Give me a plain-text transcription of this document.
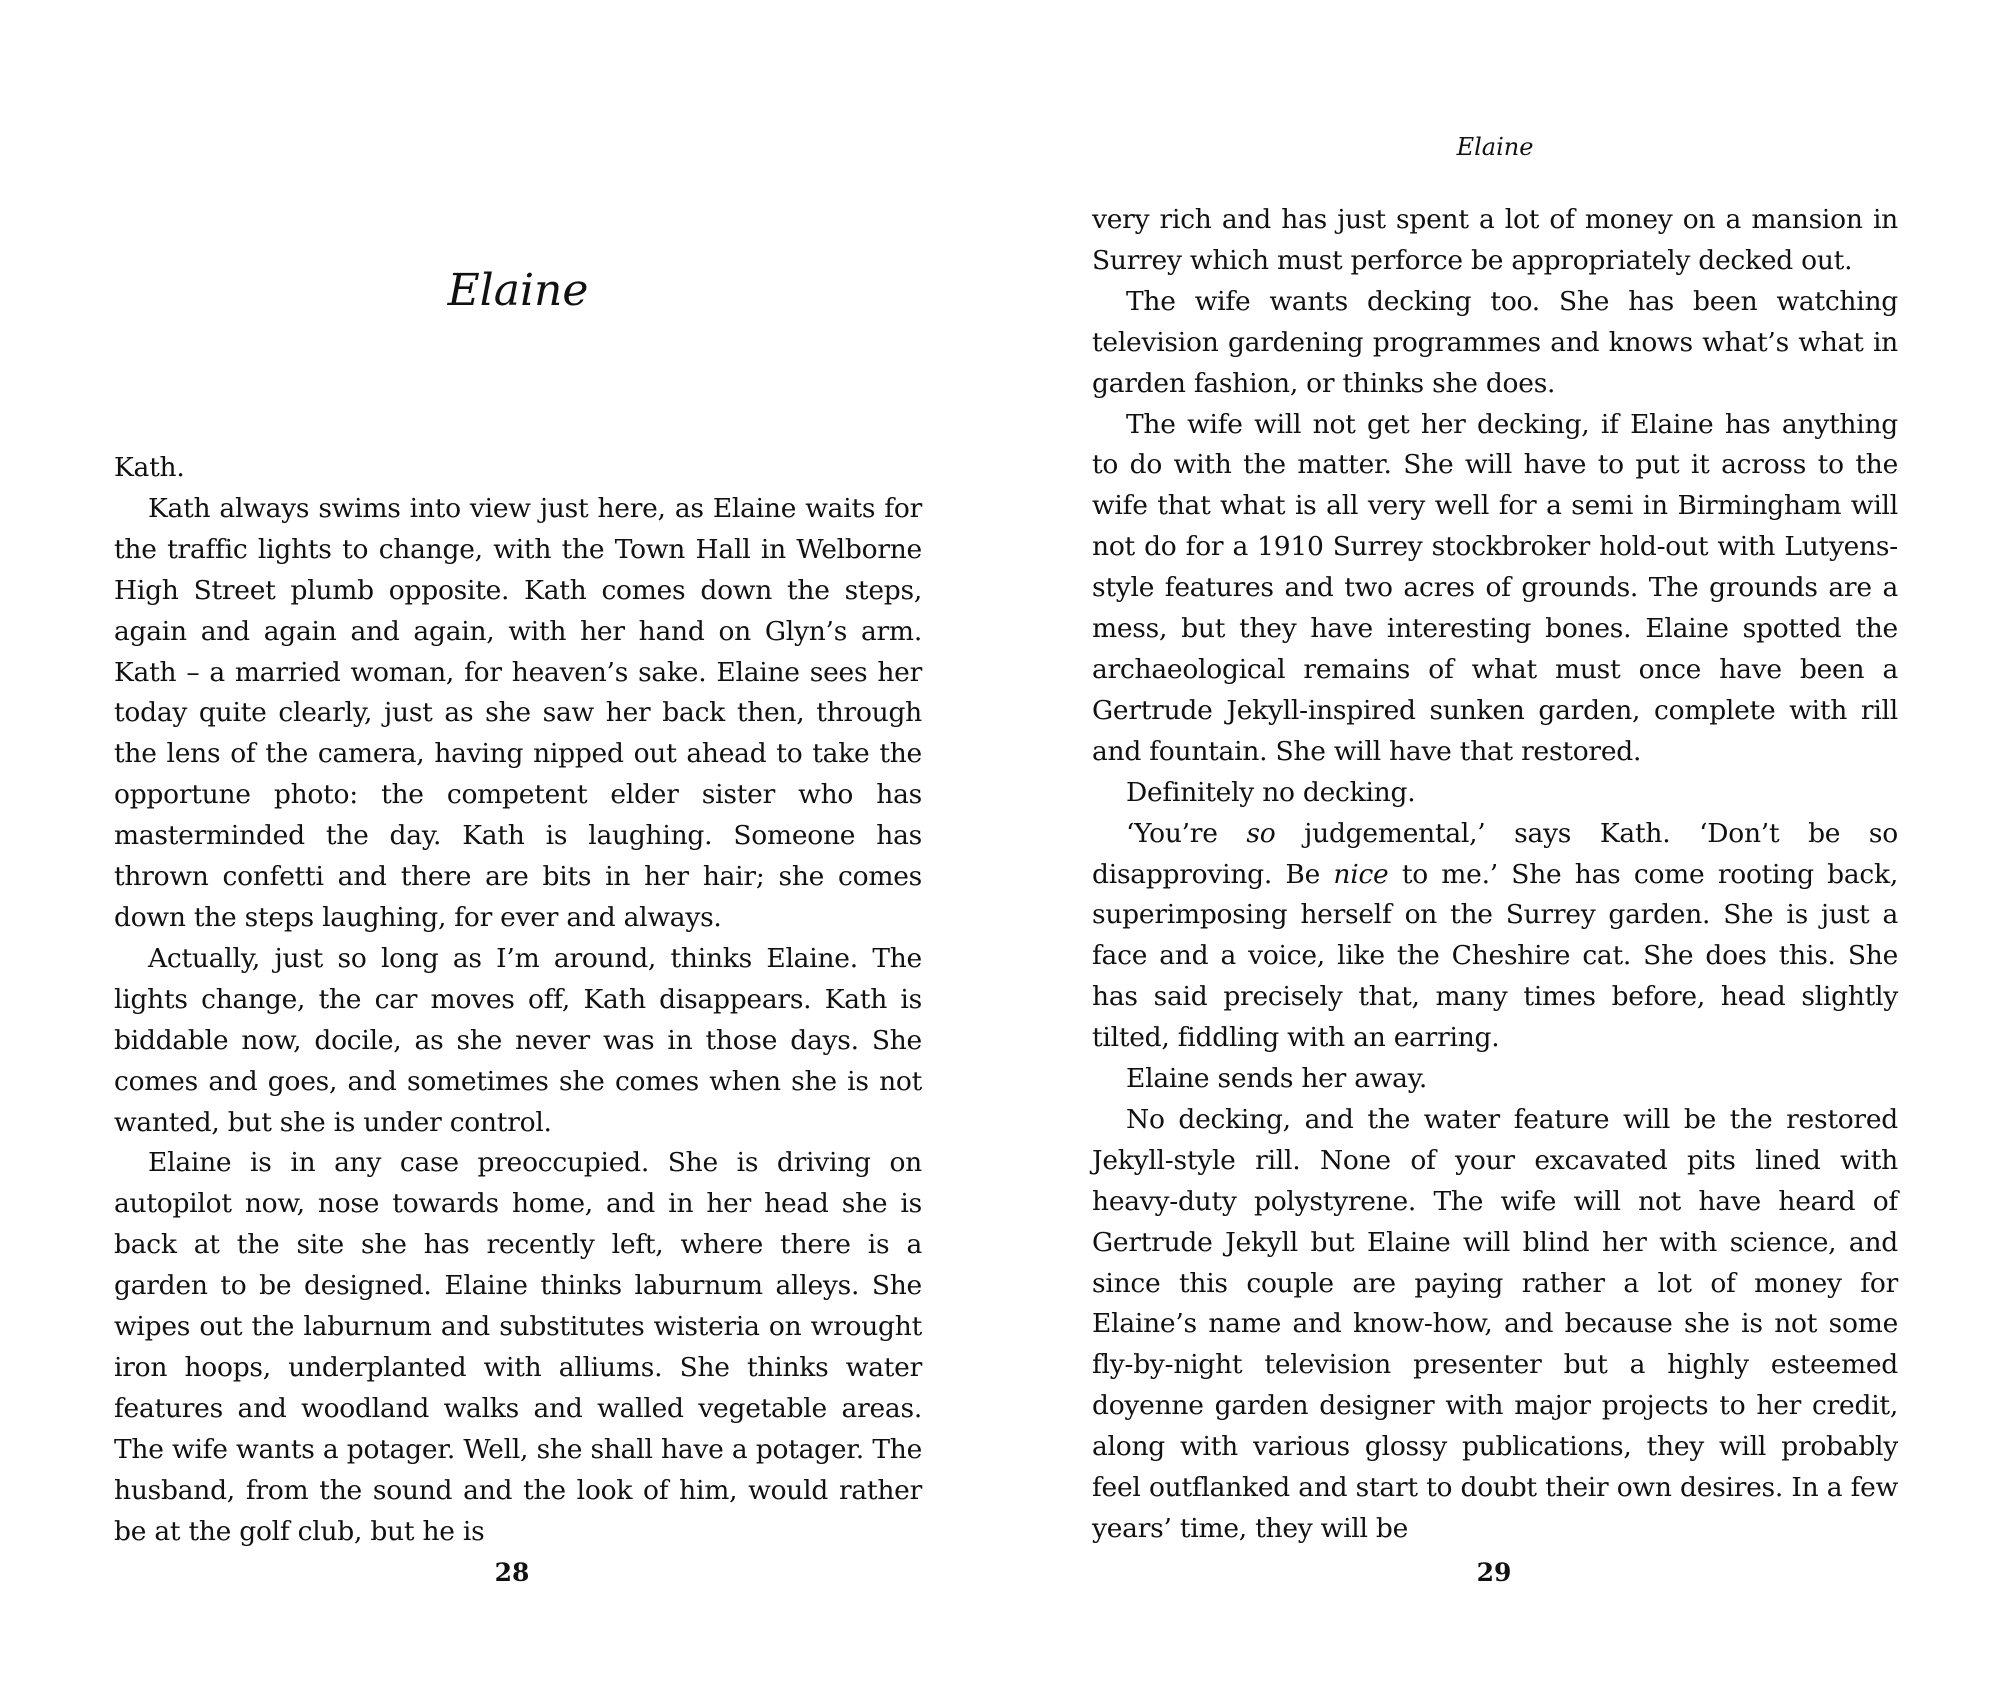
Elaine

Kath.

Kath always swims into view just here, as Elaine waits for the traffic lights to change, with the Town Hall in Welborne High Street plumb opposite. Kath comes down the steps, again and again and again, with her hand on Glyn’s arm. Kath – a married woman, for heaven’s sake. Elaine sees her today quite clearly, just as she saw her back then, through the lens of the camera, having nipped out ahead to take the opportune photo: the competent elder sister who has masterminded the day. Kath is laughing. Someone has thrown confetti and there are bits in her hair; she comes down the steps laughing, for ever and always.

Actually, just so long as I’m around, thinks Elaine. The lights change, the car moves off, Kath disappears. Kath is biddable now, docile, as she never was in those days. She comes and goes, and sometimes she comes when she is not wanted, but she is under control.

Elaine is in any case preoccupied. She is driving on autopilot now, nose towards home, and in her head she is back at the site she has recently left, where there is a garden to be designed. Elaine thinks laburnum alleys. She wipes out the laburnum and substitutes wisteria on wrought iron hoops, underplanted with alliums. She thinks water features and woodland walks and walled vegetable areas. The wife wants a potager. Well, she shall have a potager. The husband, from the sound and the look of him, would rather be at the golf club, but he is

28
Elaine

very rich and has just spent a lot of money on a mansion in Surrey which must perforce be appropriately decked out.

The wife wants decking too. She has been watching television gardening programmes and knows what’s what in garden fashion, or thinks she does.

The wife will not get her decking, if Elaine has anything to do with the matter. She will have to put it across to the wife that what is all very well for a semi in Birmingham will not do for a 1910 Surrey stockbroker hold-out with Lutyens-style features and two acres of grounds. The grounds are a mess, but they have interesting bones. Elaine spotted the archaeological remains of what must once have been a Gertrude Jekyll-inspired sunken garden, complete with rill and fountain. She will have that restored.

Definitely no decking.

‘You’re so judgemental,’ says Kath. ‘Don’t be so disapproving. Be nice to me.’ She has come rooting back, superimposing herself on the Surrey garden. She is just a face and a voice, like the Cheshire cat. She does this. She has said precisely that, many times before, head slightly tilted, fiddling with an earring.

Elaine sends her away.

No decking, and the water feature will be the restored Jekyll-style rill. None of your excavated pits lined with heavy-duty polystyrene. The wife will not have heard of Gertrude Jekyll but Elaine will blind her with science, and since this couple are paying rather a lot of money for Elaine’s name and know-how, and because she is not some fly-by-night television presenter but a highly esteemed doyenne garden designer with major projects to her credit, along with various glossy publications, they will probably feel outflanked and start to doubt their own desires. In a few years’ time, they will be

29
